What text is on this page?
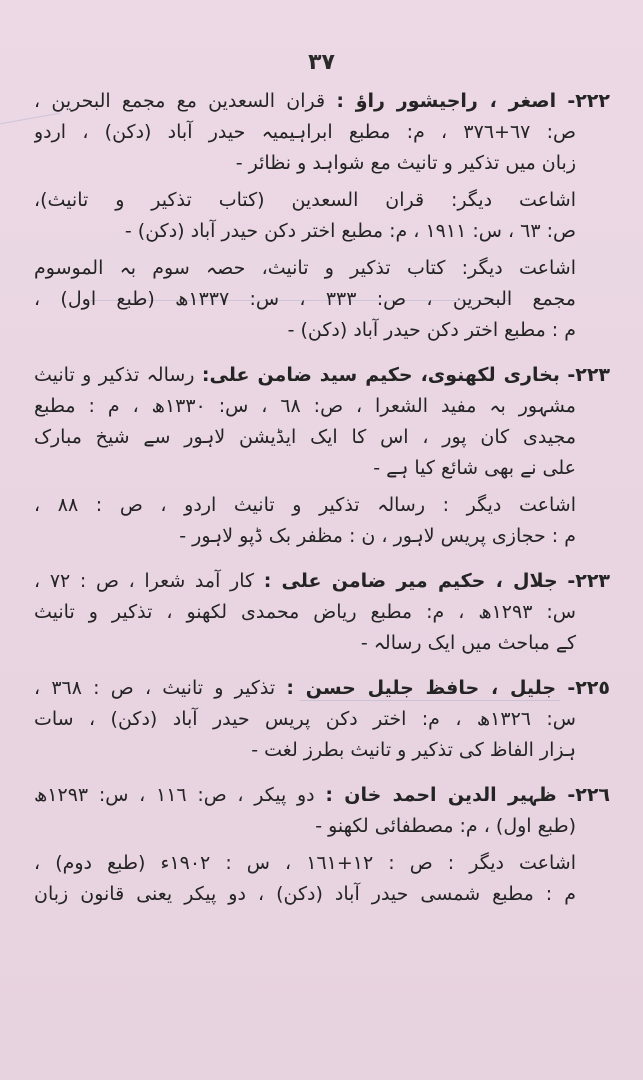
٣٧
٢٢٢- اصغر ، راجیشور راؤ : قران السعدین مع مجمع البحرین ،
ص: ٦٧+٣٧٦ ، م: مطبع ابراہیمیہ حیدر آباد (دکن) ، اردو
زبان میں تذکیر و تانیث مع شواہد و نظائر -
اشاعت دیگر: قران السعدین (کتاب تذکیر و تانیث)،
ص: ٦٣ ، س: ١٩١١ ، م: مطبع اختر دکن حیدر آباد (دکن) -
اشاعت دیگر: کتاب تذکیر و تانیث، حصہ سوم بہ الموسوم
مجمع البحرین ، ص: ٣٣٣ ، س: ١٣٣٧ھ (طبع اول) ،
م : مطبع اختر دکن حیدر آباد (دکن) -
٢٢٣- بخاری لکھنوی، حکیم سید ضامن علی: رسالہ تذکیر و تانیث
مشہور بہ مفید الشعرا ، ص: ٦٨ ، س: ١٣٣٠ھ ، م : مطبع
مجیدی کان پور ، اس کا ایک ایڈیشن لاہور سے شیخ مبارک
علی نے بھی شائع کیا ہے -
اشاعت دیگر : رسالہ تذکیر و تانیث اردو ، ص : ٨٨ ،
م : حجازی پریس لاہور ، ن : مظفر بک ڈپو لاہور -
٢٢٣- جلال ، حکیم میر ضامن علی : کار آمد شعرا ، ص : ٧٢ ،
س: ١٢٩٣ھ ، م: مطبع ریاض محمدی لکھنو ، تذکیر و تانیث
کے مباحث میں ایک رسالہ -
٢٢٥- جلیل ، حافظ جلیل حسن : تذکیر و تانیث ، ص : ٣٦٨ ،
س: ١٣٢٦ھ ، م: اختر دکن پریس حیدر آباد (دکن) ، سات
ہزار الفاظ کی تذکیر و تانیث بطرز لغت -
٢٢٦- ظہیر الدین احمد خان : دو پیکر ، ص: ١١٦ ، س: ١٢٩٣ھ
(طبع اول) ، م: مصطفائی لکھنو -
اشاعت دیگر : ص : ١٢+١٦١ ، س : ١٩٠٢ء (طبع دوم) ،
م : مطبع شمسی حیدر آباد (دکن) ، دو پیکر یعنی قانون زبان
